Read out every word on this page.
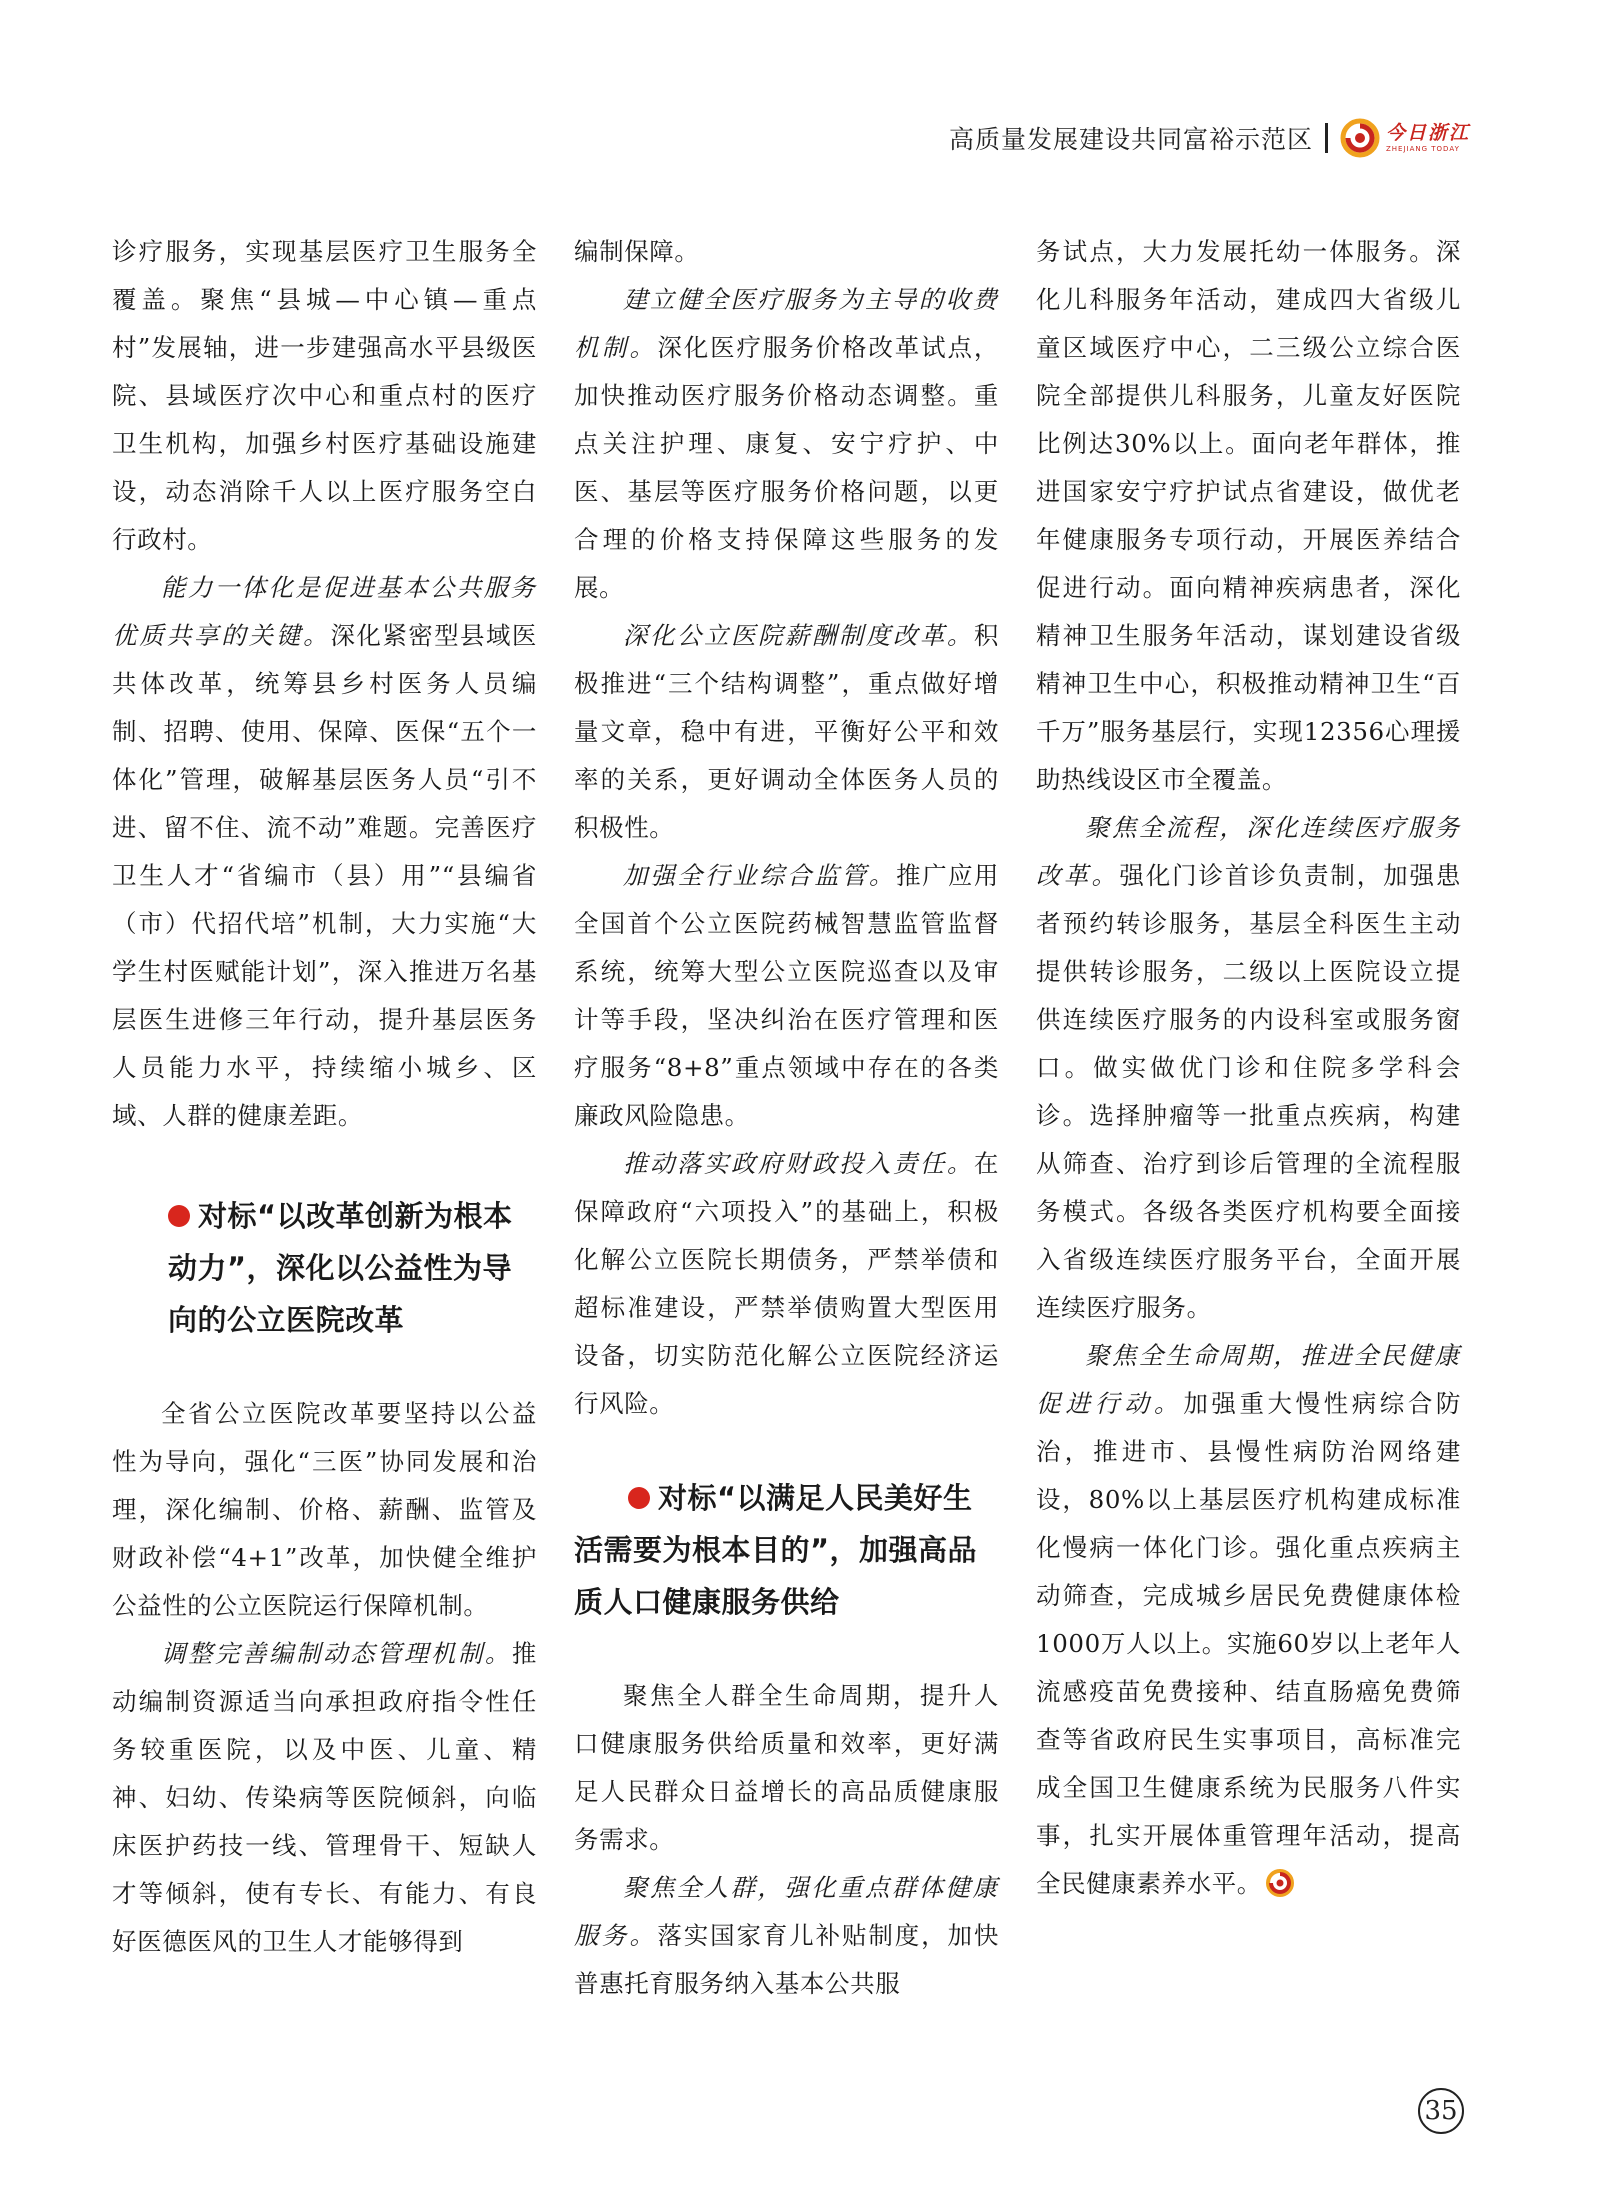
高质量发展建设共同富裕示范区	今日浙江
ZHEJIANG TODAY

诊疗服务，实现基层医疗卫生服务全覆盖。聚焦“县城—中心镇—重点村”发展轴，进一步建强高水平县级医院、县域医疗次中心和重点村的医疗卫生机构，加强乡村医疗基础设施建设，动态消除千人以上医疗服务空白行政村。

能力一体化是促进基本公共服务优质共享的关键。深化紧密型县域医共体改革，统筹县乡村医务人员编制、招聘、使用、保障、医保“五个一体化”管理，破解基层医务人员“引不进、留不住、流不动”难题。完善医疗卫生人才“省编市（县）用”“县编省（市）代招代培”机制，大力实施“大学生村医赋能计划”，深入推进万名基层医生进修三年行动，提升基层医务人员能力水平，持续缩小城乡、区域、人群的健康差距。

对标“以改革创新为根本动力”，深化以公益性为导向的公立医院改革

全省公立医院改革要坚持以公益性为导向，强化“三医”协同发展和治理，深化编制、价格、薪酬、监管及财政补偿“4+1”改革，加快健全维护公益性的公立医院运行保障机制。

调整完善编制动态管理机制。推动编制资源适当向承担政府指令性任务较重医院，以及中医、儿童、精神、妇幼、传染病等医院倾斜，向临床医护药技一线、管理骨干、短缺人才等倾斜，使有专长、有能力、有良好医德医风的卫生人才能够得到

编制保障。

建立健全医疗服务为主导的收费机制。深化医疗服务价格改革试点，加快推动医疗服务价格动态调整。重点关注护理、康复、安宁疗护、中医、基层等医疗服务价格问题，以更合理的价格支持保障这些服务的发展。

深化公立医院薪酬制度改革。积极推进“三个结构调整”，重点做好增量文章，稳中有进，平衡好公平和效率的关系，更好调动全体医务人员的积极性。

加强全行业综合监管。推广应用全国首个公立医院药械智慧监管监督系统，统筹大型公立医院巡查以及审计等手段，坚决纠治在医疗管理和医疗服务“8+8”重点领域中存在的各类廉政风险隐患。

推动落实政府财政投入责任。在保障政府“六项投入”的基础上，积极化解公立医院长期债务，严禁举债和超标准建设，严禁举债购置大型医用设备，切实防范化解公立医院经济运行风险。

对标“以满足人民美好生活需要为根本目的”，加强高品质人口健康服务供给

聚焦全人群全生命周期，提升人口健康服务供给质量和效率，更好满足人民群众日益增长的高品质健康服务需求。

聚焦全人群，强化重点群体健康服务。落实国家育儿补贴制度，加快普惠托育服务纳入基本公共服

务试点，大力发展托幼一体服务。深化儿科服务年活动，建成四大省级儿童区域医疗中心，二三级公立综合医院全部提供儿科服务，儿童友好医院比例达30%以上。面向老年群体，推进国家安宁疗护试点省建设，做优老年健康服务专项行动，开展医养结合促进行动。面向精神疾病患者，深化精神卫生服务年活动，谋划建设省级精神卫生中心，积极推动精神卫生“百千万”服务基层行，实现12356心理援助热线设区市全覆盖。

聚焦全流程，深化连续医疗服务改革。强化门诊首诊负责制，加强患者预约转诊服务，基层全科医生主动提供转诊服务，二级以上医院设立提供连续医疗服务的内设科室或服务窗口。做实做优门诊和住院多学科会诊。选择肿瘤等一批重点疾病，构建从筛查、治疗到诊后管理的全流程服务模式。各级各类医疗机构要全面接入省级连续医疗服务平台，全面开展连续医疗服务。

聚焦全生命周期，推进全民健康促进行动。加强重大慢性病综合防治，推进市、县慢性病防治网络建设，80%以上基层医疗机构建成标准化慢病一体化门诊。强化重点疾病主动筛查，完成城乡居民免费健康体检1000万人以上。实施60岁以上老年人流感疫苗免费接种、结直肠癌免费筛查等省政府民生实事项目，高标准完成全国卫生健康系统为民服务八件实事，扎实开展体重管理年活动，提高全民健康素养水平。

35
